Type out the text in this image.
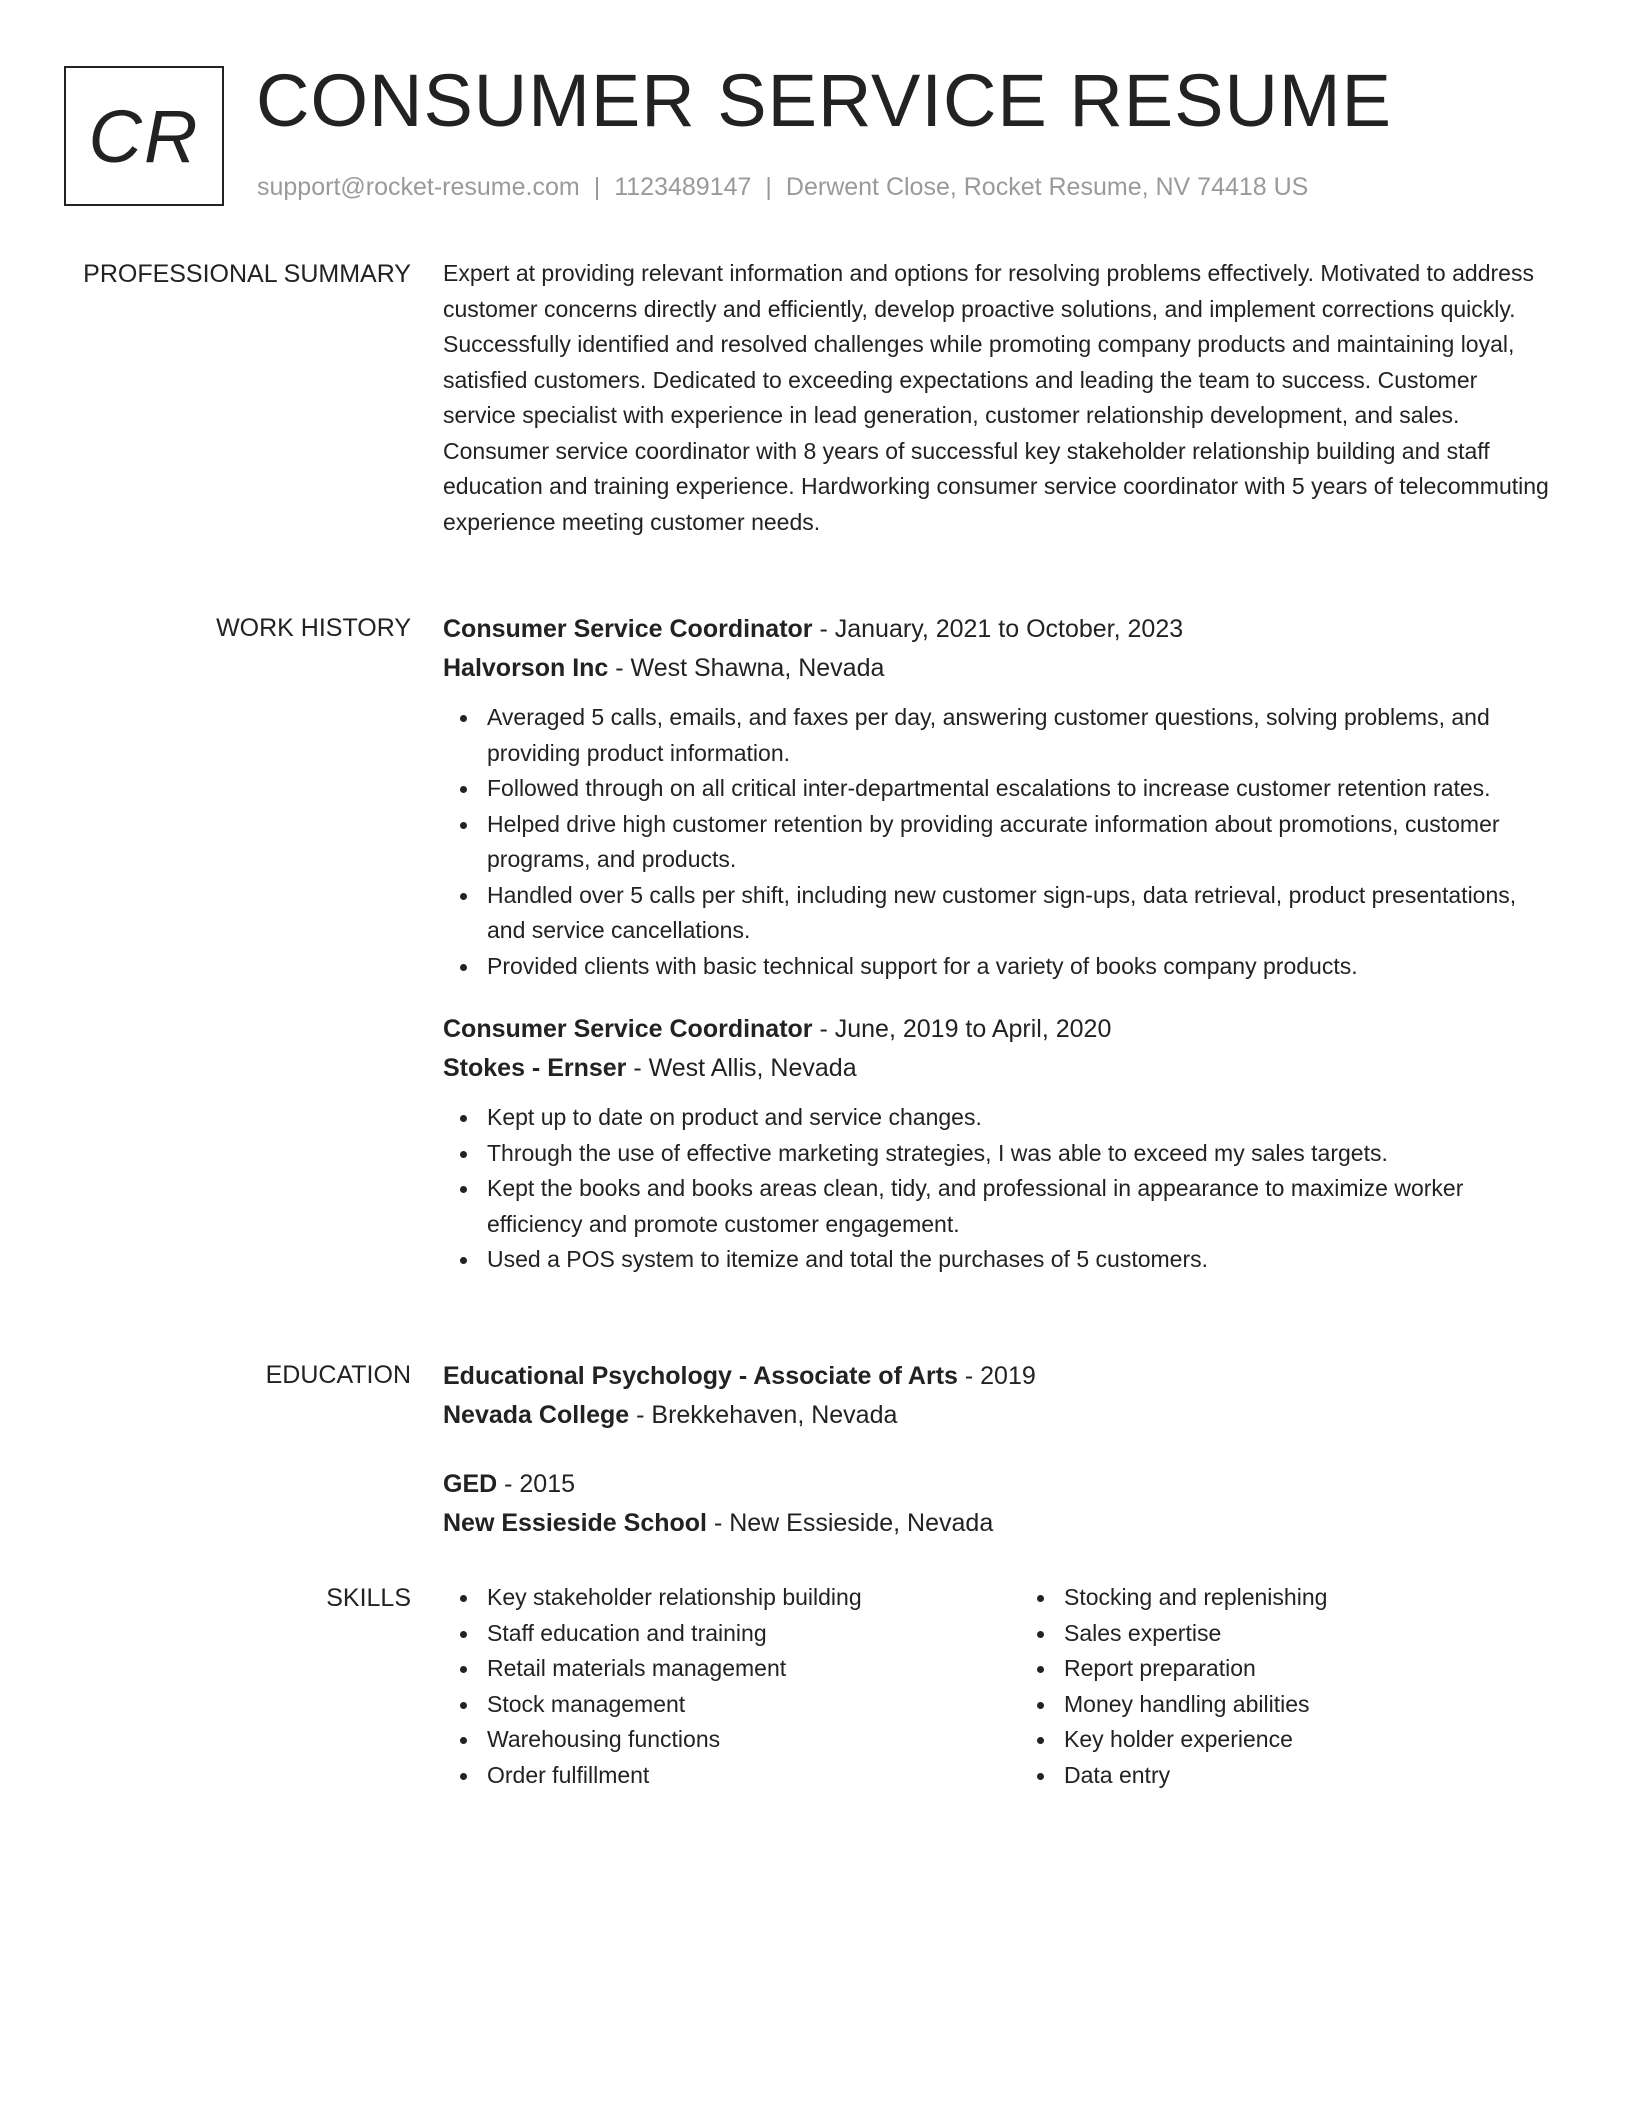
CR CONSUMER SERVICE RESUME
support@rocket-resume.com | 1123489147 | Derwent Close, Rocket Resume, NV 74418 US
PROFESSIONAL SUMMARY Expert at providing relevant information and options for resolving problems effectively. Motivated to address customer concerns directly and efficiently, develop proactive solutions, and implement corrections quickly. Successfully identified and resolved challenges while promoting company products and maintaining loyal, satisfied customers. Dedicated to exceeding expectations and leading the team to success. Customer service specialist with experience in lead generation, customer relationship development, and sales. Consumer service coordinator with 8 years of successful key stakeholder relationship building and staff education and training experience. Hardworking consumer service coordinator with 5 years of telecommuting experience meeting customer needs.

WORK HISTORY Consumer Service Coordinator - January, 2021 to October, 2023
Halvorson Inc - West Shawna, Nevada
Averaged 5 calls, emails, and faxes per day, answering customer questions, solving problems, and providing product information.
Followed through on all critical inter-departmental escalations to increase customer retention rates.
Helped drive high customer retention by providing accurate information about promotions, customer programs, and products.
Handled over 5 calls per shift, including new customer sign-ups, data retrieval, product presentations, and service cancellations.
Provided clients with basic technical support for a variety of books company products.
Consumer Service Coordinator - June, 2019 to April, 2020
Stokes - Ernser - West Allis, Nevada
Kept up to date on product and service changes.
Through the use of effective marketing strategies, I was able to exceed my sales targets.
Kept the books and books areas clean, tidy, and professional in appearance to maximize worker efficiency and promote customer engagement.
Used a POS system to itemize and total the purchases of 5 customers.
EDUCATION Educational Psychology - Associate of Arts - 2019
Nevada College - Brekkehaven, Nevada
GED - 2015
New Essieside School - New Essieside, Nevada
SKILLS	Key stakeholder relationship building
Staff education and training
Retail materials management
Stock management
Warehousing functions
Order fulfillment
Stocking and replenishing
Sales expertise
Report preparation
Money handling abilities
Key holder experience
Data entry
